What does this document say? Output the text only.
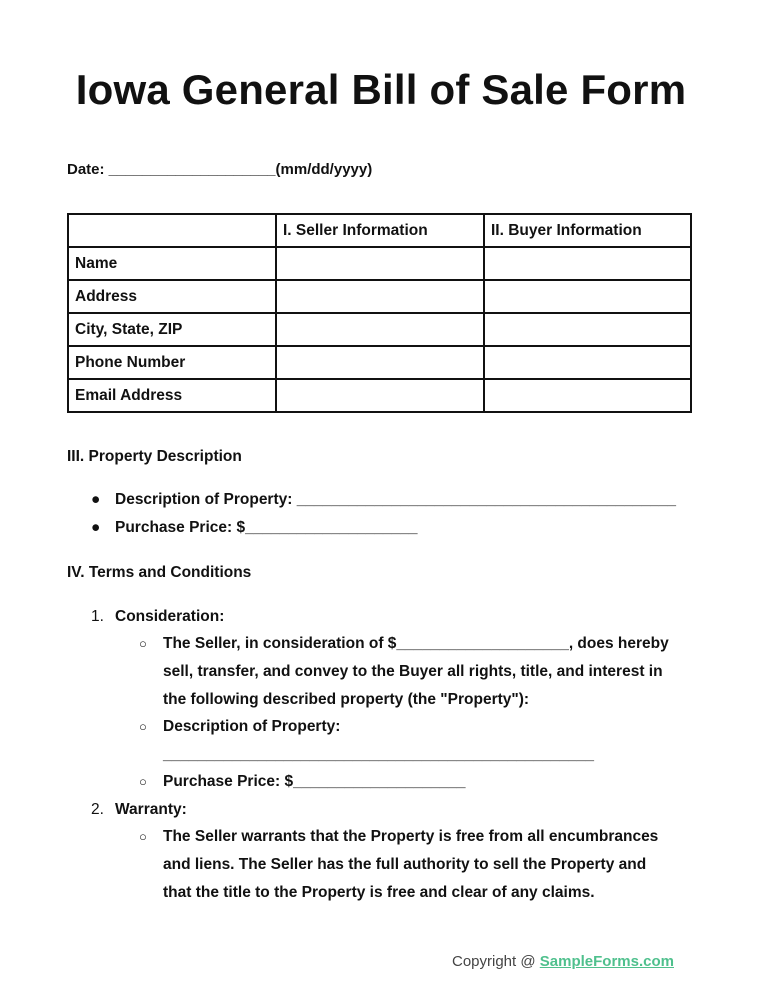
Iowa General Bill of Sale Form
Date: ____________________(mm/dd/yyyy)
	I. Seller Information	II. Buyer Information
Name		
Address		
City, State, ZIP		
Phone Number		
Email Address		
III. Property Description
● Description of Property: ____________________________________________
● Purchase Price: $____________________
IV. Terms and Conditions
1. Consideration:
○ The Seller, in consideration of $____________________, does hereby
sell, transfer, and convey to the Buyer all rights, title, and interest in
the following described property (the "Property"):
○ Description of Property:
__________________________________________________
○ Purchase Price: $____________________
2. Warranty:
○ The Seller warrants that the Property is free from all encumbrances
and liens. The Seller has the full authority to sell the Property and
that the title to the Property is free and clear of any claims.
Copyright @ SampleForms.com
